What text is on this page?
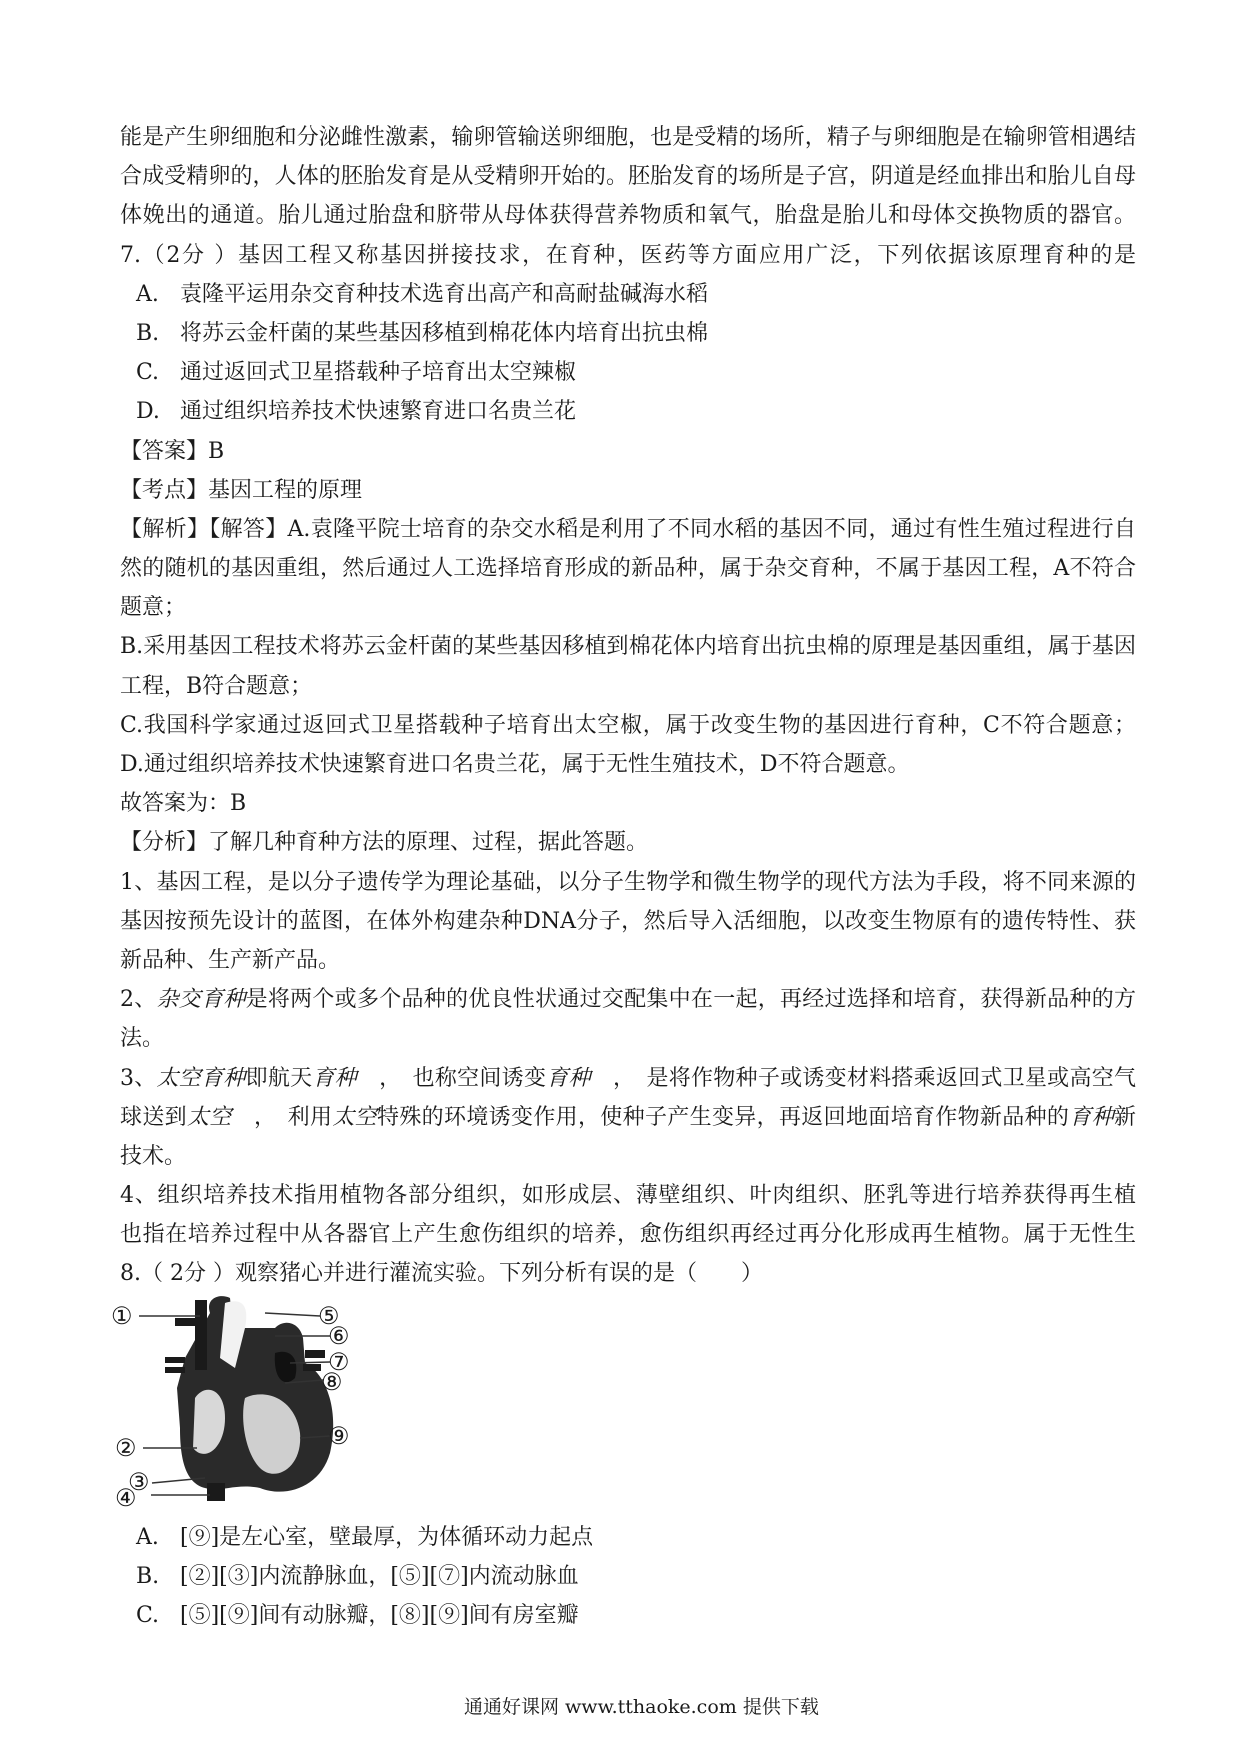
能是产生卵细胞和分泌雌性激素，输卵管输送卵细胞，也是受精的场所，精子与卵细胞是在输卵管相遇结
合成受精卵的，人体的胚胎发育是从受精卵开始的。胚胎发育的场所是子宫，阴道是经血排出和胎儿自母
体娩出的通道。胎儿通过胎盘和脐带从母体获得营养物质和氧气，胎盘是胎儿和母体交换物质的器官。
7.（2分 ）基因工程又称基因拼接技求，在育种，医药等方面应用广泛，下列依据该原理育种的是　　
A. 袁隆平运用杂交育种技术选育出高产和高耐盐碱海水稻
B. 将苏云金杆菌的某些基因移植到棉花体内培育出抗虫棉
C. 通过返回式卫星搭载种子培育出太空辣椒
D. 通过组织培养技术快速繁育进口名贵兰花
【答案】B
【考点】基因工程的原理
【解析】【解答】A.袁隆平院士培育的杂交水稻是利用了不同水稻的基因不同，通过有性生殖过程进行自
然的随机的基因重组，然后通过人工选择培育形成的新品种，属于杂交育种，不属于基因工程，A不符合
题意；
B.采用基因工程技术将苏云金杆菌的某些基因移植到棉花体内培育出抗虫棉的原理是基因重组，属于基因
工程，B符合题意；
C.我国科学家通过返回式卫星搭载种子培育出太空椒，属于改变生物的基因进行育种，C不符合题意；
D.通过组织培养技术快速繁育进口名贵兰花，属于无性生殖技术，D不符合题意。
故答案为：B
【分析】了解几种育种方法的原理、过程，据此答题。
1、基因工程，是以分子遗传学为理论基础，以分子生物学和微生物学的现代方法为手段，将不同来源的
基因按预先设计的蓝图，在体外构建杂种DNA分子，然后导入活细胞，以改变生物原有的遗传特性、获
新品种、生产新产品。
2、杂交育种是将两个或多个品种的优良性状通过交配集中在一起，再经过选择和培育，获得新品种的方
法。
3、太空育种即航天育种　，　也称空间诱变育种　，　是将作物种子或诱变材料搭乘返回式卫星或高空气
球送到太空　，　利用太空特殊的环境诱变作用，使种子产生变异，再返回地面培育作物新品种的育种新
技术。
4、组织培养技术指用植物各部分组织，如形成层、薄壁组织、叶肉组织、胚乳等进行培养获得再生植
也指在培养过程中从各器官上产生愈伤组织的培养，愈伤组织再经过再分化形成再生植物。属于无性生
8.（ 2分 ）观察猪心并进行灌流实验。下列分析有误的是（　　）
①
②
③
④
⑤
⑥
⑦
⑧
⑨
A. [⑨]是左心室，壁最厚，为体循环动力起点
B. [②][③]内流静脉血，[⑤][⑦]内流动脉血
C. [⑤][⑨]间有动脉瓣，[⑧][⑨]间有房室瓣
通通好课网 www.tthaoke.com 提供下载
